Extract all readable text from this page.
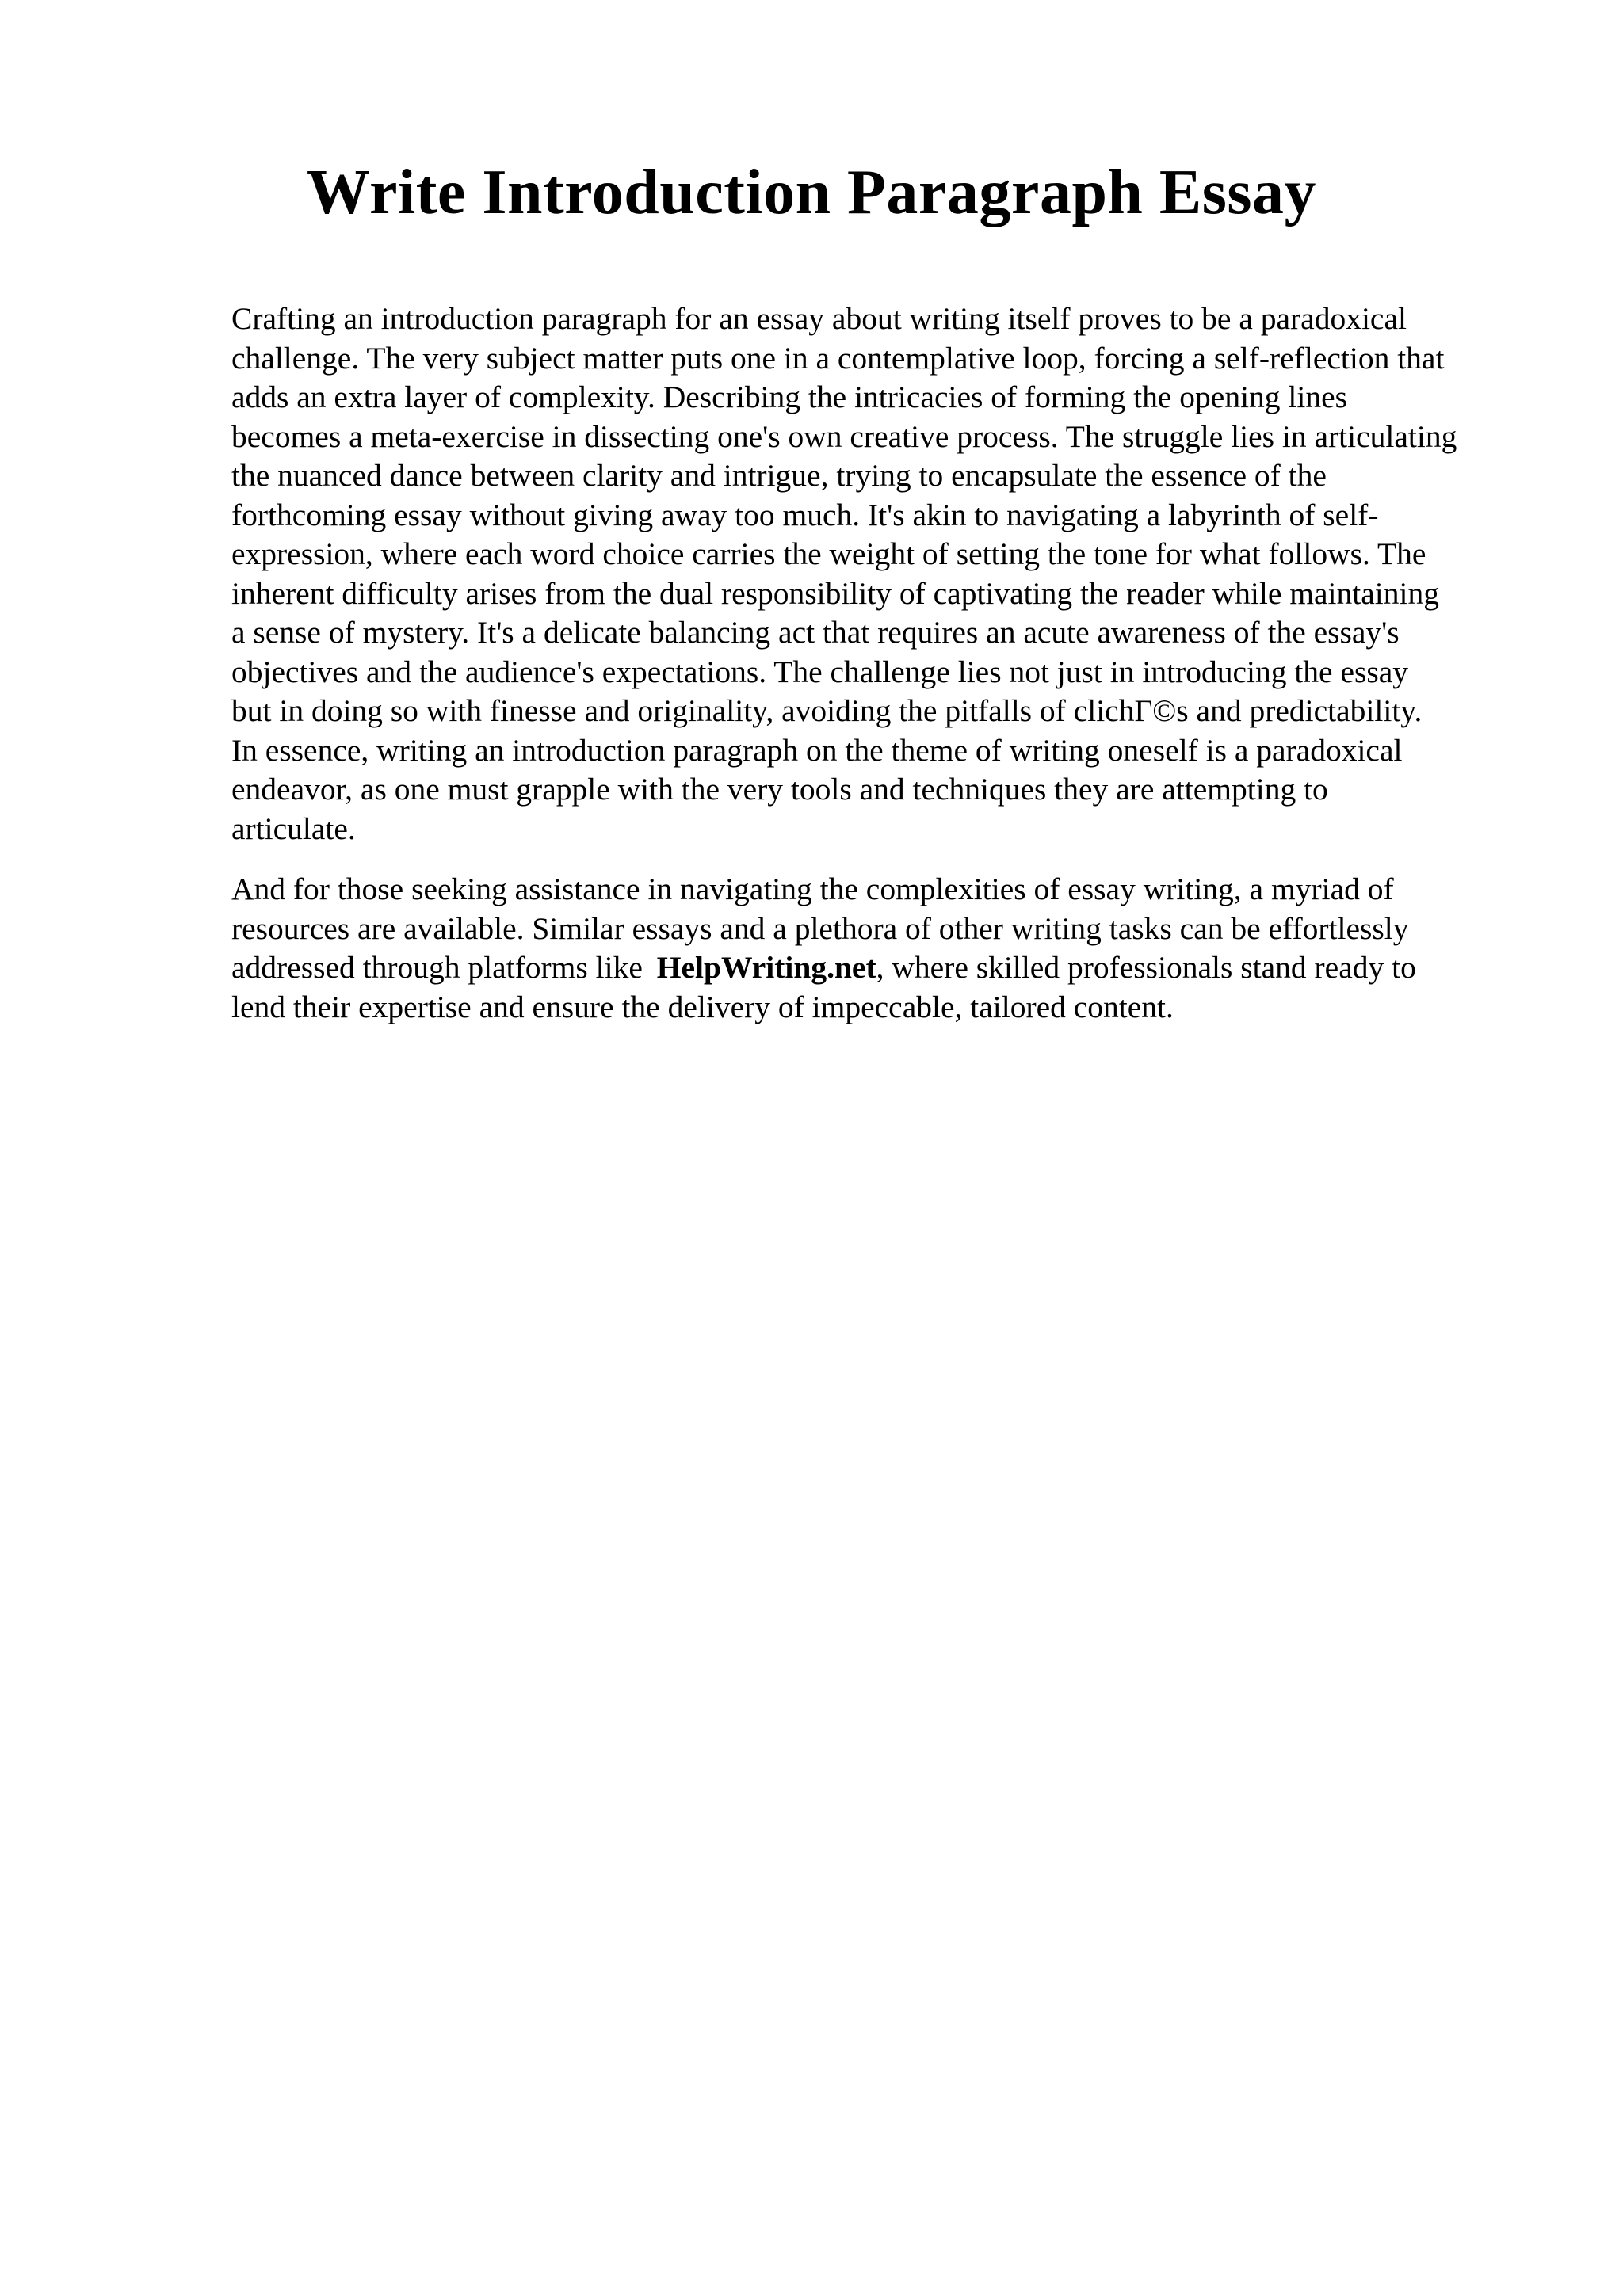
Write Introduction Paragraph Essay

Crafting an introduction paragraph for an essay about writing itself proves to be a paradoxical
challenge. The very subject matter puts one in a contemplative loop, forcing a self-reflection that
adds an extra layer of complexity. Describing the intricacies of forming the opening lines
becomes a meta-exercise in dissecting one's own creative process. The struggle lies in articulating
the nuanced dance between clarity and intrigue, trying to encapsulate the essence of the
forthcoming essay without giving away too much. It's akin to navigating a labyrinth of self-
expression, where each word choice carries the weight of setting the tone for what follows. The
inherent difficulty arises from the dual responsibility of captivating the reader while maintaining
a sense of mystery. It's a delicate balancing act that requires an acute awareness of the essay's
objectives and the audience's expectations. The challenge lies not just in introducing the essay
but in doing so with finesse and originality, avoiding the pitfalls of clichГ©s and predictability.
In essence, writing an introduction paragraph on the theme of writing oneself is a paradoxical
endeavor, as one must grapple with the very tools and techniques they are attempting to
articulate.

And for those seeking assistance in navigating the complexities of essay writing, a myriad of
resources are available. Similar essays and a plethora of other writing tasks can be effortlessly
addressed through platforms like HelpWriting.net, where skilled professionals stand ready to
lend their expertise and ensure the delivery of impeccable, tailored content.
